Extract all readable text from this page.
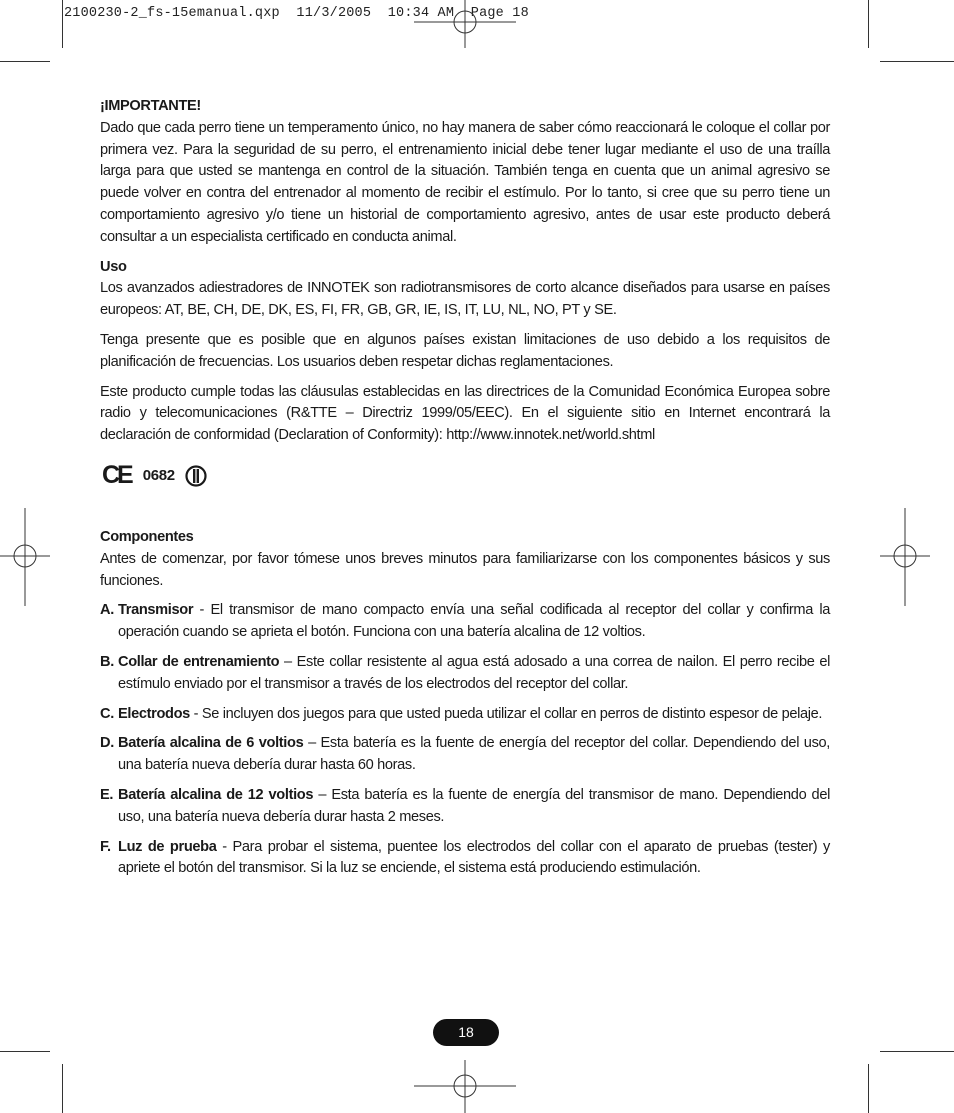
2100230-2_fs-15emanual.qxp  11/3/2005  10:34 AM  Page 18
¡IMPORTANTE!

Dado que cada perro tiene un temperamento único, no hay manera de saber cómo reaccionará le coloque el collar por primera vez. Para la seguridad de su perro, el entrenamiento inicial debe tener lugar mediante el uso de una traílla larga para que usted se mantenga en control de la situación. También tenga en cuenta que un animal agresivo se puede volver en contra del entrenador al momento de recibir el estímulo. Por lo tanto, si cree que su perro tiene un comportamiento agresivo y/o tiene un historial de comportamiento agresivo, antes de usar este producto deberá consultar a un especialista certificado en conducta animal.

Uso

Los avanzados adiestradores de INNOTEK son radiotransmisores de corto alcance diseñados para usarse en países europeos: AT, BE, CH, DE, DK, ES, FI, FR, GB, GR, IE, IS, IT, LU, NL, NO, PT y SE.

Tenga presente que es posible que en algunos países existan limitaciones de uso debido a los requisitos de planificación de frecuencias. Los usuarios deben respetar dichas reglamentaciones.

Este producto cumple todas las cláusulas establecidas en las directrices de la Comunidad Económica Europea sobre radio y telecomunicaciones (R&TTE – Directriz 1999/05/EEC). En el siguiente sitio en Internet encontrará la declaración de conformidad (Declaration of Conformity): http://www.innotek.net/world.shtml

CE 0682
Componentes

Antes de comenzar, por favor tómese unos breves minutos para familiarizarse con los componentes básicos y sus funciones.

A. Transmisor - El transmisor de mano compacto envía una señal codificada al receptor del collar y confirma la operación cuando se aprieta el botón. Funciona con una batería alcalina de 12 voltios.
B. Collar de entrenamiento – Este collar resistente al agua está adosado a una correa de nailon. El perro recibe el estímulo enviado por el transmisor a través de los electrodos del receptor del collar.
C. Electrodos - Se incluyen dos juegos para que usted pueda utilizar el collar en perros de distinto espesor de pelaje.
D. Batería alcalina de 6 voltios – Esta batería es la fuente de energía del receptor del collar. Dependiendo del uso, una batería nueva debería durar hasta 60 horas.
E. Batería alcalina de 12 voltios – Esta batería es la fuente de energía del transmisor de mano. Dependiendo del uso, una batería nueva debería durar hasta 2 meses.
F. Luz de prueba - Para probar el sistema, puentee los electrodos del collar con el aparato de pruebas (tester) y apriete el botón del transmisor. Si la luz se enciende, el sistema está produciendo estimulación.
18
